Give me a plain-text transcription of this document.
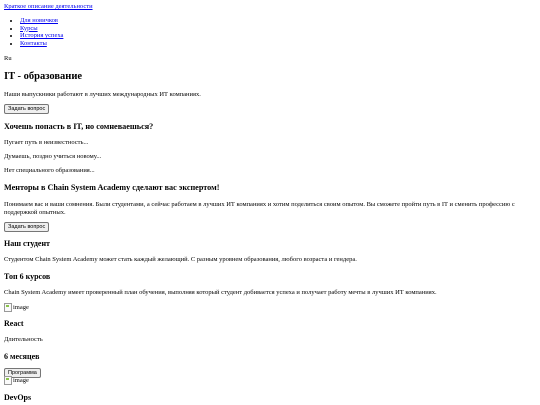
Краткое описание деятельности
• Для новичков
• Курсы
• История успеха
• Контакты
Ru
IT - образование

Наши выпускники работают в лучших международных ИТ компаниях.

Задать вопрос
Хочешь попасть в IT, но сомневаешься?

Пугает путь в неизвестность...

Думаешь, поздно учиться новому...

Нет специального образования...

Менторы в Chain System Academy сделают вас экспертом!

Понимаем вас и ваши сомнения. Были студентами, а сейчас работаем в лучших ИТ компаниях и хотим поделиться своим опытом. Вы сможете пройти путь в IT и сменить профессию с поддержкой опытных.

Задать вопрос
Наш студент

Студентом Chain System Academy может стать каждый желающий. С разным уровнем образования, любого возраста и гендера.

Топ 6 курсов

Chain System Academy имеет проверенный план обучения, выполняя который студент добивается успеха и получает работу мечты в лучших ИТ компаниях.

image
React

Длительность

6 месяцев
Программа
image
DevOps
